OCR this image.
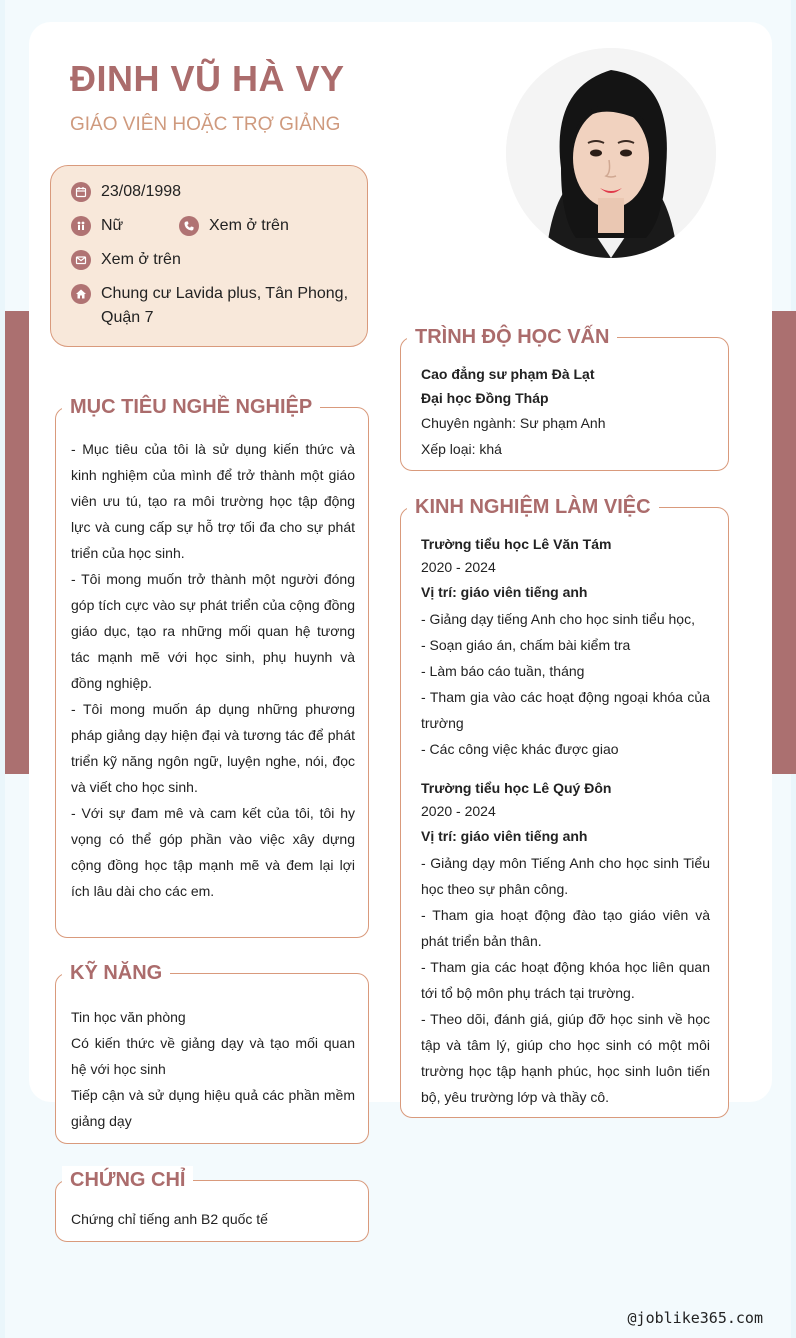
ĐINH VŨ HÀ VY
GIÁO VIÊN HOẶC TRỢ GIẢNG
23/08/1998
Nữ	Xem ở trên
Xem ở trên
Chung cư Lavida plus, Tân Phong,
Quận 7

- Mục tiêu của tôi là sử dụng kiến thức và kinh nghiệm của mình để trở thành một giáo viên ưu tú, tạo ra môi trường học tập động lực và cung cấp sự hỗ trợ tối đa cho sự phát triển của học sinh.

- Tôi mong muốn trở thành một người đóng góp tích cực vào sự phát triển của cộng đồng giáo dục, tạo ra những mối quan hệ tương tác mạnh mẽ với học sinh, phụ huynh và đồng nghiệp.

- Tôi mong muốn áp dụng những phương pháp giảng dạy hiện đại và tương tác để phát triển kỹ năng ngôn ngữ, luyện nghe, nói, đọc và viết cho học sinh.

- Với sự đam mê và cam kết của tôi, tôi hy vọng có thể góp phần vào việc xây dựng cộng đồng học tập mạnh mẽ và đem lại lợi ích lâu dài cho các em.

MỤC TIÊU NGHỀ NGHIỆP

Tin học văn phòng

Có kiến thức về giảng dạy và tạo mối quan hệ với học sinh

Tiếp cận và sử dụng hiệu quả các phần mềm giảng dạy

KỸ NĂNG

Chứng chỉ tiếng anh B2 quốc tế

CHỨNG CHỈ
Cao đẳng sư phạm Đà Lạt
Đại học Đồng Tháp
Chuyên ngành: Sư phạm Anh
Xếp loại: khá
TRÌNH ĐỘ HỌC VẤN
Trường tiểu học Lê Văn Tám
2020 - 2024
Vị trí: giáo viên tiếng anh

- Giảng dạy tiếng Anh cho học sinh tiểu học,

- Soạn giáo án, chấm bài kiểm tra

- Làm báo cáo tuần, tháng

- Tham gia vào các hoạt động ngoại khóa của trường

- Các công việc khác được giao

Trường tiểu học Lê Quý Đôn
2020 - 2024
Vị trí: giáo viên tiếng anh

- Giảng dạy môn Tiếng Anh cho học sinh Tiểu học theo sự phân công.

- Tham gia hoạt động đào tạo giáo viên và phát triển bản thân.

- Tham gia các hoạt động khóa học liên quan tới tổ bộ môn phụ trách tại trường.

- Theo dõi, đánh giá, giúp đỡ học sinh về học tập và tâm lý, giúp cho học sinh có một môi trường học tập hạnh phúc, học sinh luôn tiến bộ, yêu trường lớp và thầy cô.

KINH NGHIỆM LÀM VIỆC
@joblike365.com
